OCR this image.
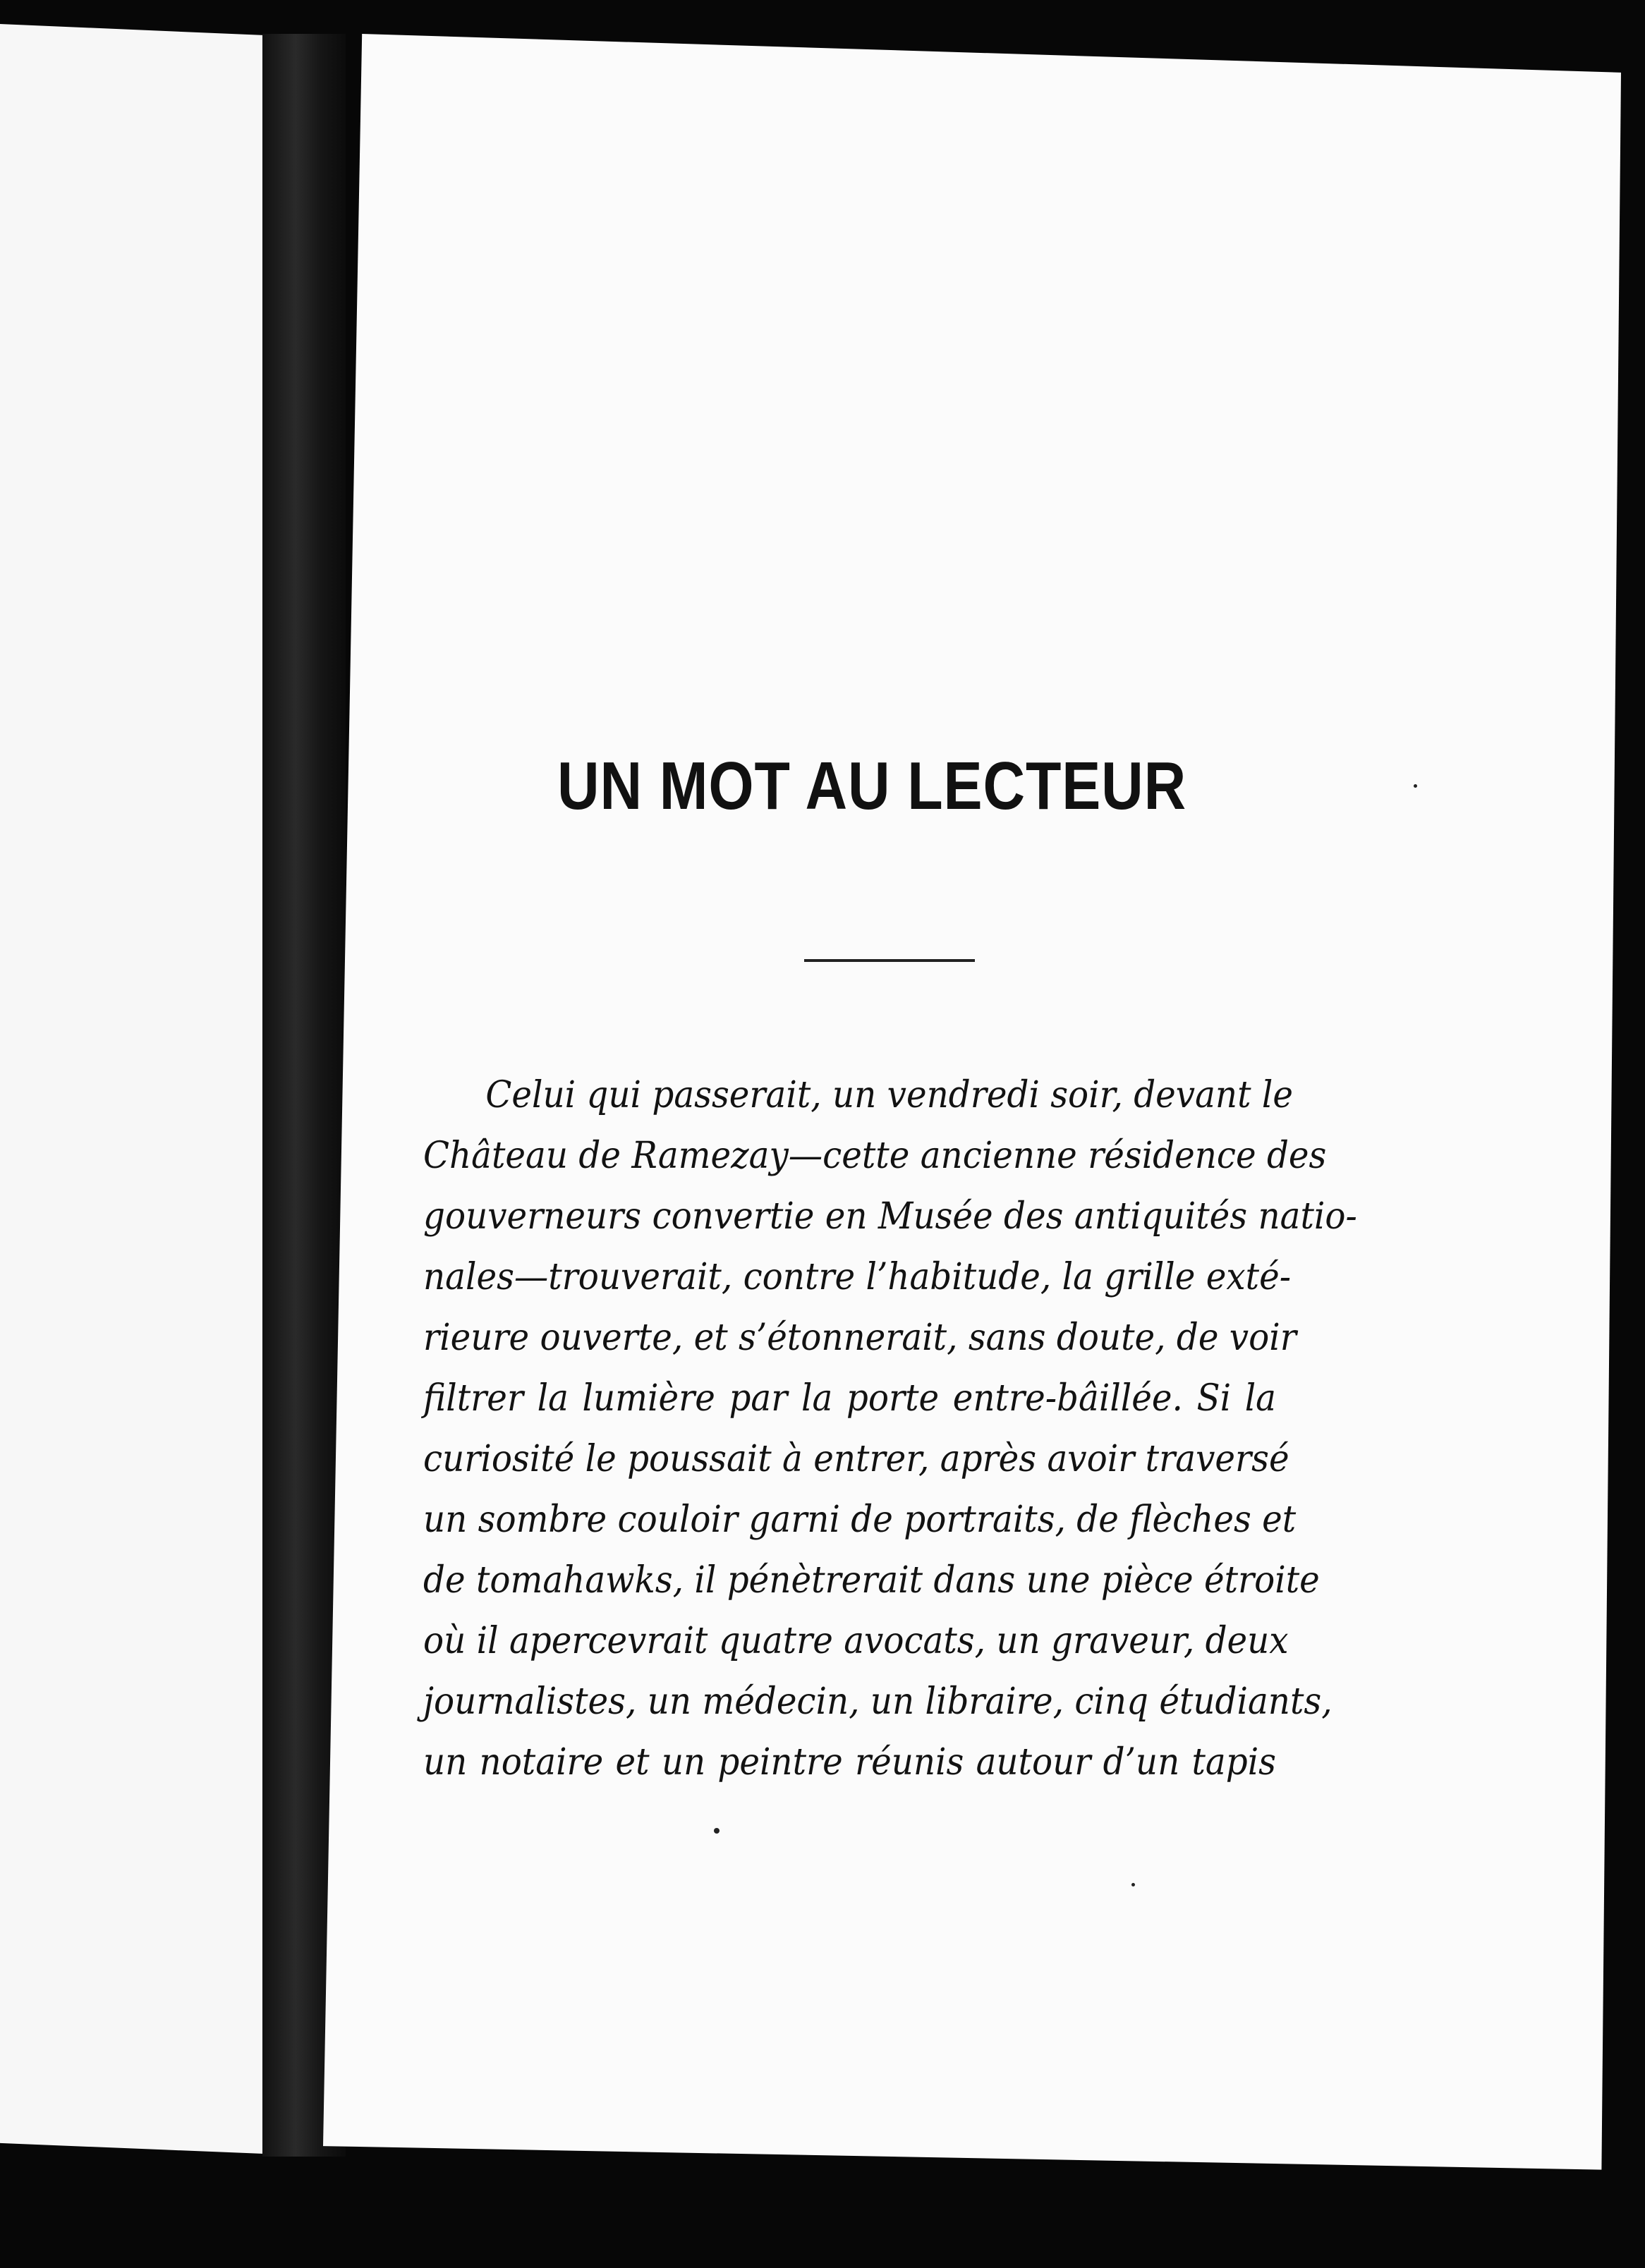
UN MOT AU LECTEUR
Celui qui passerait, un vendredi soir, devant le
Château de Ramezay—cette ancienne résidence des
gouverneurs convertie en Musée des antiquités natio-
nales—trouverait, contre l’habitude, la grille exté-
rieure ouverte, et s’étonnerait, sans doute, de voir
filtrer la lumière par la porte entre-bâillée. Si la
curiosité le poussait à entrer, après avoir traversé
un sombre couloir garni de portraits, de flèches et
de tomahawks, il pénètrerait dans une pièce étroite
où il apercevrait quatre avocats, un graveur, deux
journalistes, un médecin, un libraire, cinq étudiants,
un notaire et un peintre réunis autour d’un tapis
